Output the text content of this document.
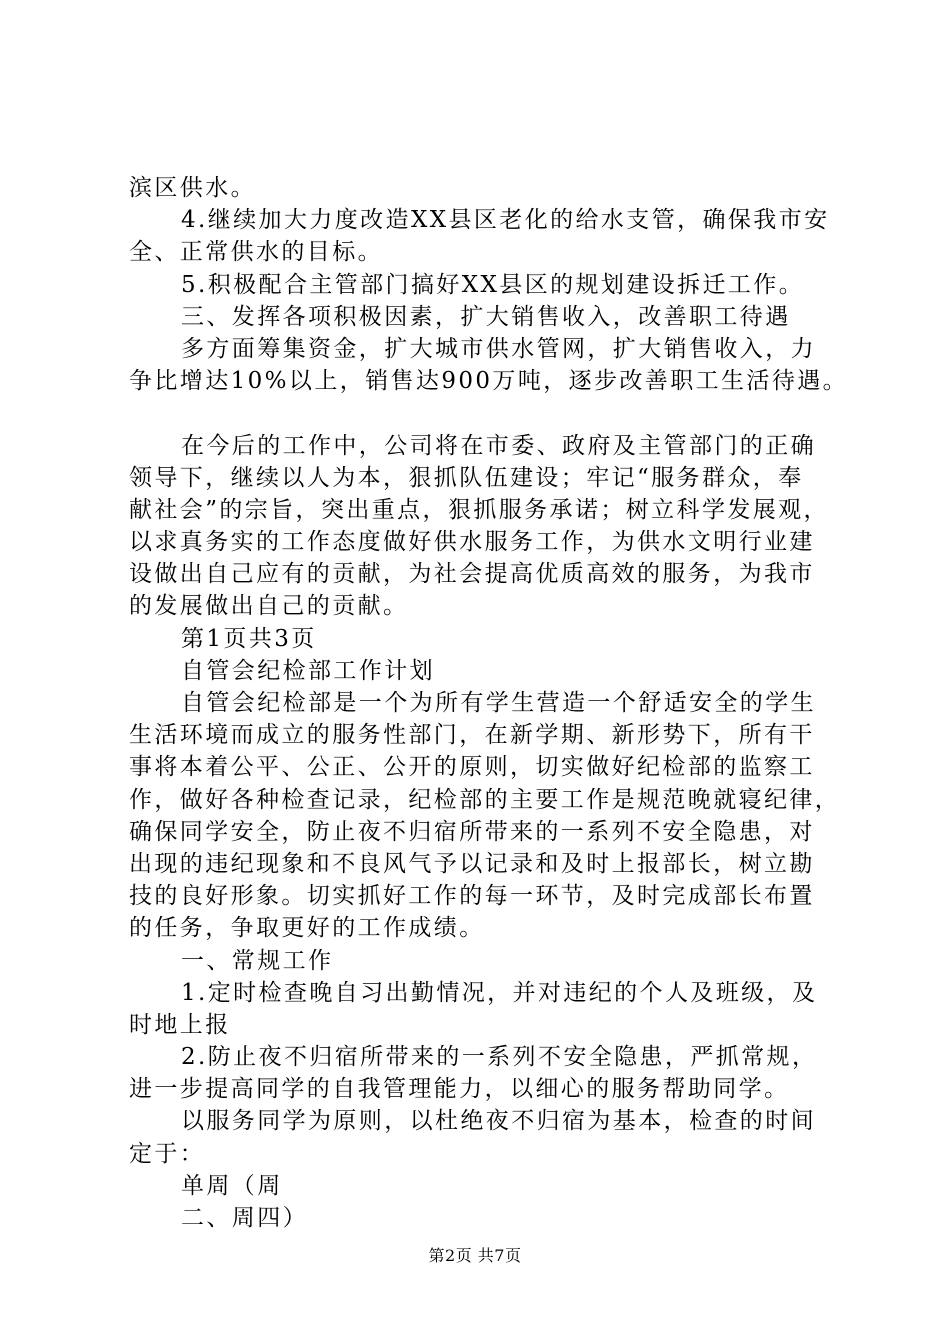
滨区供水。
4.继续加大力度改造XX县区老化的给水支管，确保我市安
全、正常供水的目标。
5.积极配合主管部门搞好XX县区的规划建设拆迁工作。
三、发挥各项积极因素，扩大销售收入，改善职工待遇
多方面筹集资金，扩大城市供水管网，扩大销售收入，力
争比增达10%以上，销售达900万吨，逐步改善职工生活待遇。
在今后的工作中，公司将在市委、政府及主管部门的正确
领导下，继续以人为本，狠抓队伍建设；牢记“服务群众，奉
献社会”的宗旨，突出重点，狠抓服务承诺；树立科学发展观，
以求真务实的工作态度做好供水服务工作，为供水文明行业建
设做出自己应有的贡献，为社会提高优质高效的服务，为我市
的发展做出自己的贡献。
第1页共3页
自管会纪检部工作计划
自管会纪检部是一个为所有学生营造一个舒适安全的学生
生活环境而成立的服务性部门，在新学期、新形势下，所有干
事将本着公平、公正、公开的原则，切实做好纪检部的监察工
作，做好各种检查记录，纪检部的主要工作是规范晚就寝纪律，
确保同学安全，防止夜不归宿所带来的一系列不安全隐患，对
出现的违纪现象和不良风气予以记录和及时上报部长，树立勘
技的良好形象。切实抓好工作的每一环节，及时完成部长布置
的任务，争取更好的工作成绩。
一、常规工作
1.定时检查晚自习出勤情况，并对违纪的个人及班级，及
时地上报
2.防止夜不归宿所带来的一系列不安全隐患，严抓常规，
进一步提高同学的自我管理能力，以细心的服务帮助同学。
以服务同学为原则，以杜绝夜不归宿为基本，检查的时间
定于：
单周（周
二、周四）
第2页 共7页
